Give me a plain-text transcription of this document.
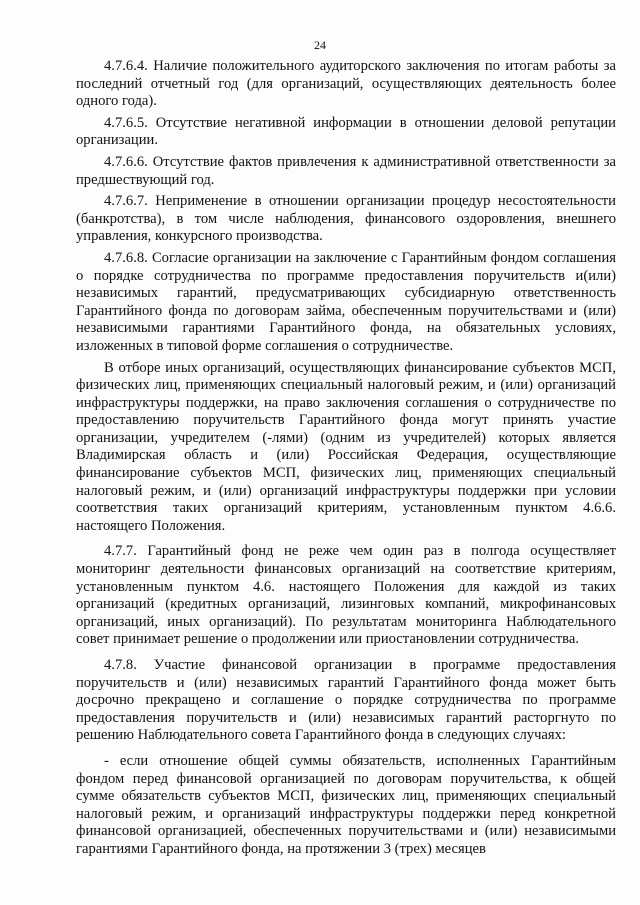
24

4.7.6.4. Наличие положительного аудиторского заключения по итогам работы за последний отчетный год (для организаций, осуществляющих деятельность более одного года).

4.7.6.5. Отсутствие негативной информации в отношении деловой репутации организации.

4.7.6.6. Отсутствие фактов привлечения к административной ответственности за предшествующий год.

4.7.6.7. Неприменение в отношении организации процедур несостоятельности (банкротства), в том числе наблюдения, финансового оздоровления, внешнего управления, конкурсного производства.

4.7.6.8. Согласие организации на заключение с Гарантийным фондом соглашения о порядке сотрудничества по программе предоставления поручительств и(или) независимых гарантий, предусматривающих субсидиарную ответственность Гарантийного фонда по договорам займа, обеспеченным поручительствами и (или) независимыми гарантиями Гарантийного фонда, на обязательных условиях, изложенных в типовой форме соглашения о сотрудничестве.

В отборе иных организаций, осуществляющих финансирование субъектов МСП, физических лиц, применяющих специальный налоговый режим, и (или) организаций инфраструктуры поддержки, на право заключения соглашения о сотрудничестве по предоставлению поручительств Гарантийного фонда могут принять участие организации, учредителем (-лями) (одним из учредителей) которых является Владимирская область и (или) Российская Федерация, осуществляющие финансирование субъектов МСП, физических лиц, применяющих специальный налоговый режим, и (или) организаций инфраструктуры поддержки при условии соответствия таких организаций критериям, установленным пунктом 4.6.6. настоящего Положения.

4.7.7. Гарантийный фонд не реже чем один раз в полгода осуществляет мониторинг деятельности финансовых организаций на соответствие критериям, установленным пунктом 4.6. настоящего Положения для каждой из таких организаций (кредитных организаций, лизинговых компаний, микрофинансовых организаций, иных организаций). По результатам мониторинга Наблюдательного совет принимает решение о продолжении или приостановлении сотрудничества.

4.7.8. Участие финансовой организации в программе предоставления поручительств и (или) независимых гарантий Гарантийного фонда может быть досрочно прекращено и соглашение о порядке сотрудничества по программе предоставления поручительств и (или) независимых гарантий расторгнуто по решению Наблюдательного совета Гарантийного фонда в следующих случаях:

- если отношение общей суммы обязательств, исполненных Гарантийным фондом перед финансовой организацией по договорам поручительства, к общей сумме обязательств субъектов МСП, физических лиц, применяющих специальный налоговый режим, и организаций инфраструктуры поддержки перед конкретной финансовой организацией, обеспеченных поручительствами и (или) независимыми гарантиями Гарантийного фонда, на протяжении 3 (трех) месяцев
